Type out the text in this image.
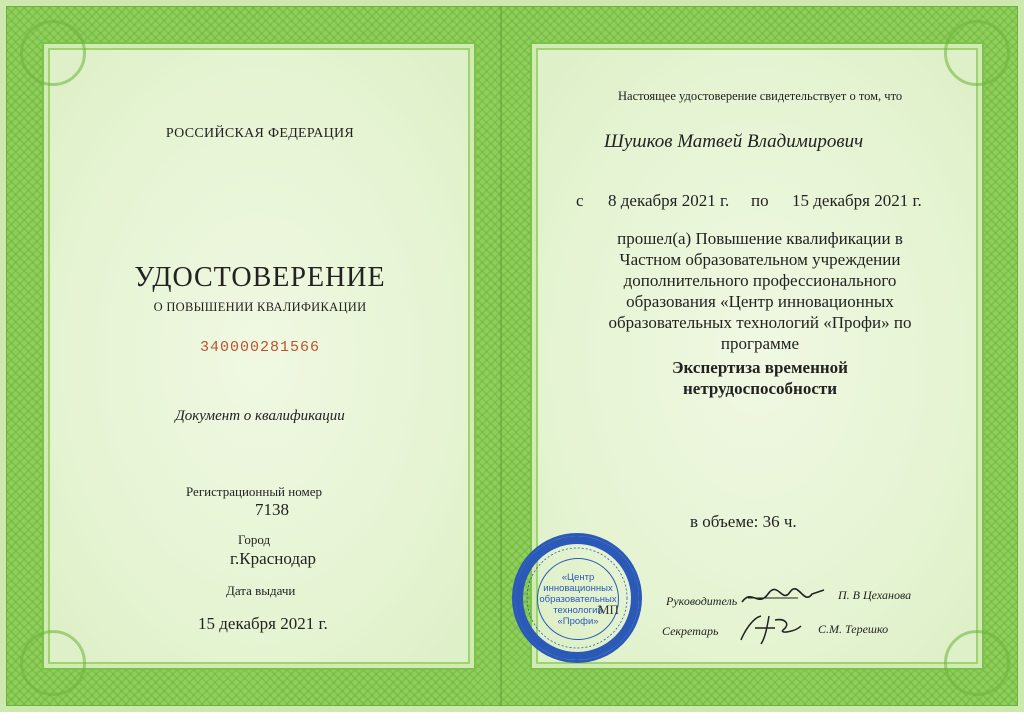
РОССИЙСКАЯ ФЕДЕРАЦИЯ
УДОСТОВЕРЕНИЕ
О ПОВЫШЕНИИ КВАЛИФИКАЦИИ
340000281566
Документ о квалификации
Регистрационный номер
7138
Город
г.Краснодар
Дата выдачи
15 декабря 2021 г.
Настоящее удостоверение свидетельствует о том, что
Шушков Матвей Владимирович
с 8 декабря 2021 г. по 15 декабря 2021 г.
прошел(а) Повышение квалификации в
Частном образовательном учреждении
дополнительного профессионального
образования «Центр инновационных
образовательных технологий «Профи» по
программе
Экспертиза временной
нетрудоспособности
в объеме: 36 ч.
Руководитель	П. В Цеханова
Секретарь	С.М. Терешко
«Центр
инновационных
образовательных
технологий
«Профи»
МП
